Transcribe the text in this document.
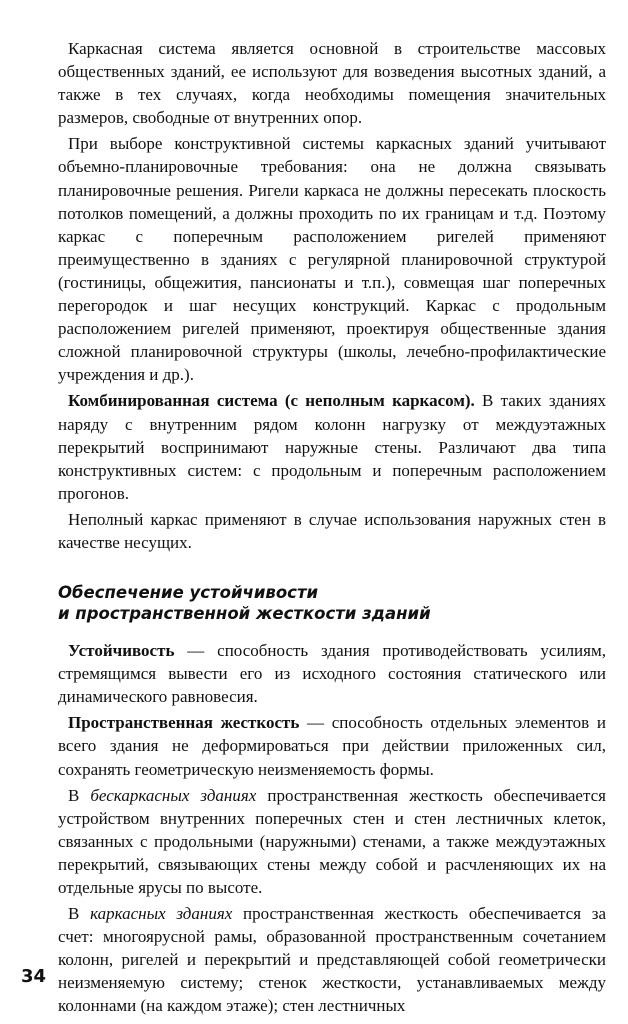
Каркасная система является основной в строительстве массовых общественных зданий, ее используют для возведения высотных зданий, а также в тех случаях, когда необходимы помещения значительных размеров, свободные от внутренних опор.

При выборе конструктивной системы каркасных зданий учитывают объемно-планировочные требования: она не должна связывать планировочные решения. Ригели каркаса не должны пересекать плоскость потолков помещений, а должны проходить по их границам и т.д. Поэтому каркас с поперечным расположением ригелей применяют преимущественно в зданиях с регулярной планировочной структурой (гостиницы, общежития, пансионаты и т.п.), совмещая шаг поперечных перегородок и шаг несущих конструкций. Каркас с продольным расположением ригелей применяют, проектируя общественные здания сложной планировочной структуры (школы, лечебно-профилактические учреждения и др.).

Комбинированная система (с неполным каркасом). В таких зданиях наряду с внутренним рядом колонн нагрузку от междуэтажных перекрытий воспринимают наружные стены. Различают два типа конструктивных систем: с продольным и поперечным расположением прогонов.

Неполный каркас применяют в случае использования наружных стен в качестве несущих.

Обеспечение устойчивости
и пространственной жесткости зданий

Устойчивость — способность здания противодействовать усилиям, стремящимся вывести его из исходного состояния статического или динамического равновесия.

Пространственная жесткость — способность отдельных элементов и всего здания не деформироваться при действии приложенных сил, сохранять геометрическую неизменяемость формы.

В бескаркасных зданиях пространственная жесткость обеспечивается устройством внутренних поперечных стен и стен лестничных клеток, связанных с продольными (наружными) стенами, а также междуэтажных перекрытий, связывающих стены между собой и расчленяющих их на отдельные ярусы по высоте.

В каркасных зданиях пространственная жесткость обеспечивается за счет: многоярусной рамы, образованной пространственным сочетанием колонн, ригелей и перекрытий и представляющей собой геометрически неизменяемую систему; стенок жесткости, устанавливаемых между колоннами (на каждом этаже); стен лестничных

34
